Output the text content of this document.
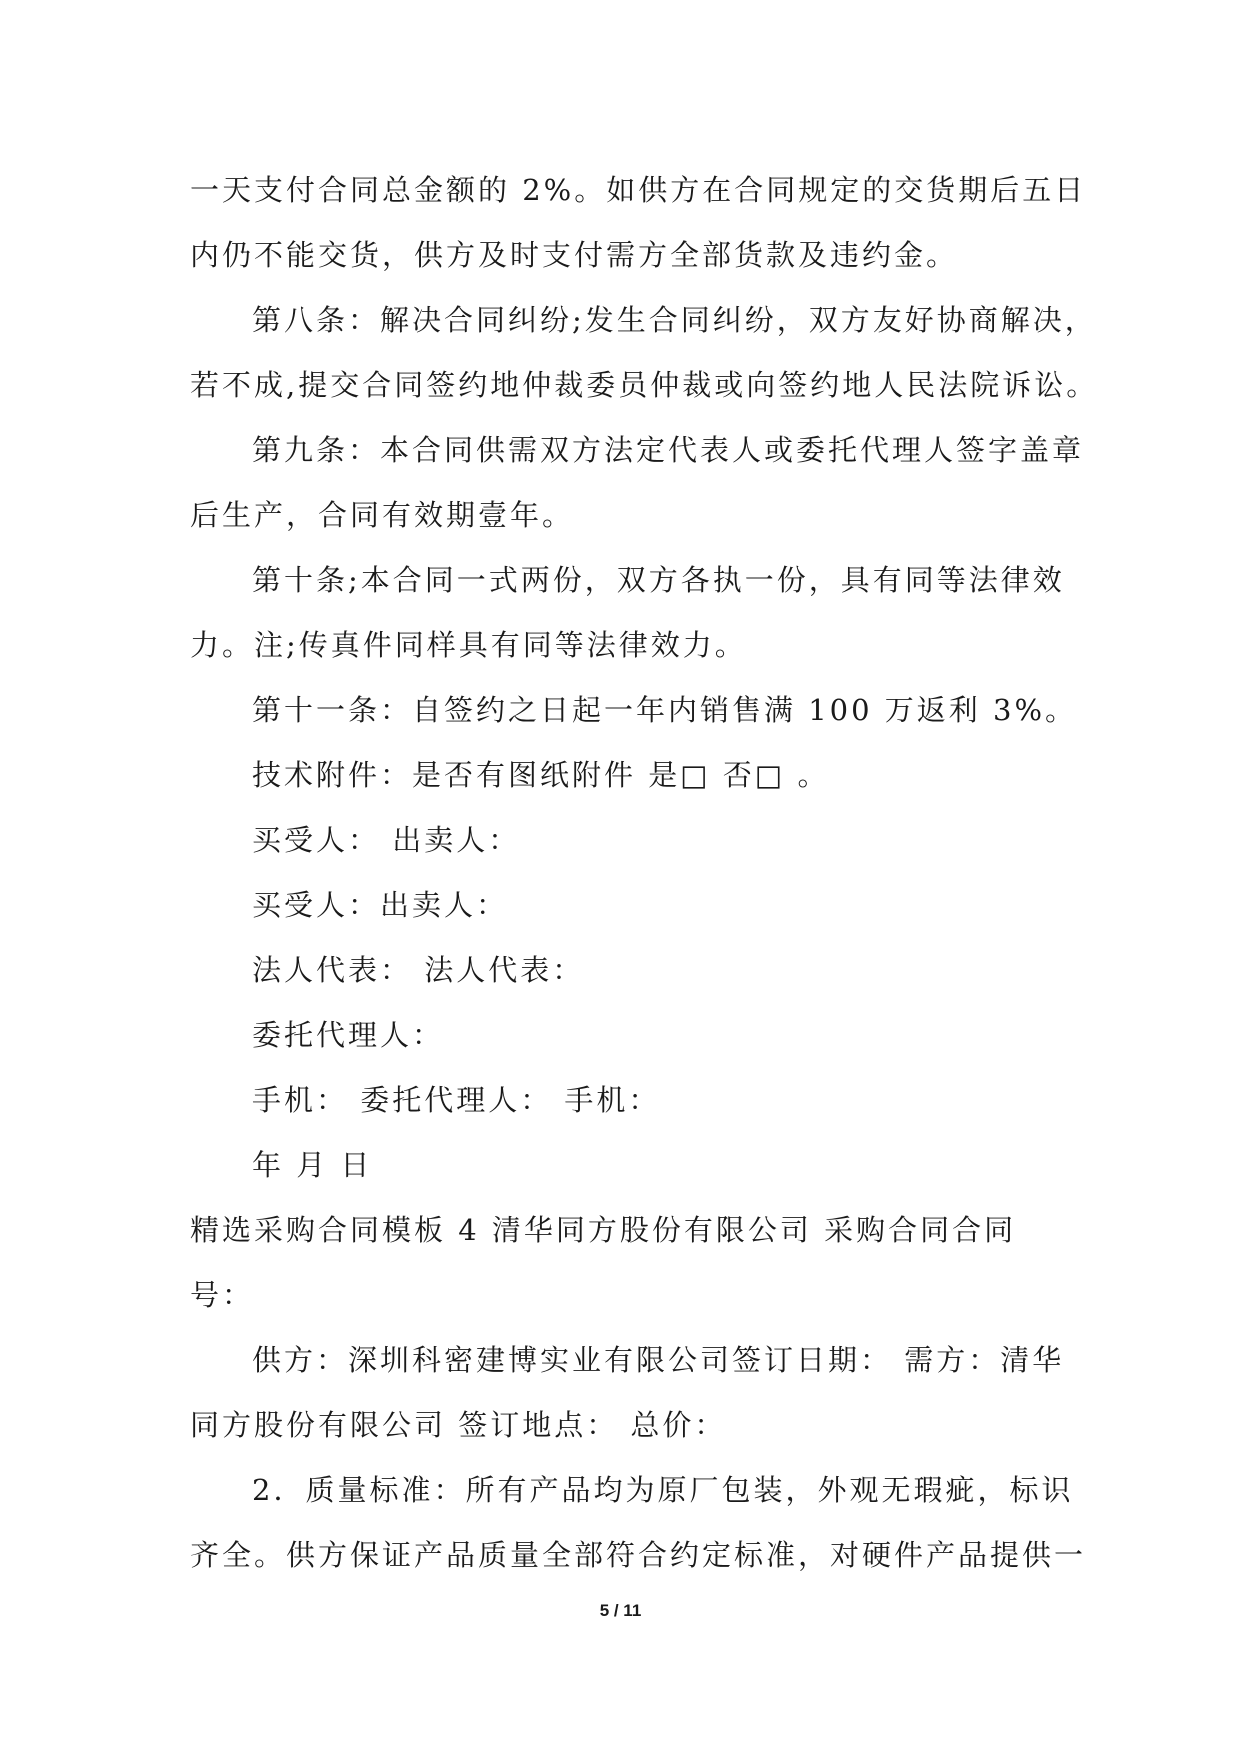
一天支付合同总金额的 2%。如供方在合同规定的交货期后五日
内仍不能交货，供方及时支付需方全部货款及违约金。
第八条：解决合同纠纷;发生合同纠纷，双方友好协商解决，
若不成,提交合同签约地仲裁委员仲裁或向签约地人民法院诉讼。
第九条：本合同供需双方法定代表人或委托代理人签字盖章
后生产，合同有效期壹年。
第十条;本合同一式两份，双方各执一份，具有同等法律效
力。注;传真件同样具有同等法律效力。
第十一条：自签约之日起一年内销售满 100 万返利 3%。
技术附件：是否有图纸附件 是□ 否□ 。
买受人： 出卖人：
买受人：出卖人：
法人代表： 法人代表：
委托代理人：
手机： 委托代理人： 手机：
年 月 日
精选采购合同模板 4 清华同方股份有限公司 采购合同合同
号：
供方：深圳科密建博实业有限公司签订日期： 需方：清华
同方股份有限公司 签订地点： 总价：
2．质量标准：所有产品均为原厂包装，外观无瑕疵，标识
齐全。供方保证产品质量全部符合约定标准，对硬件产品提供一
5 / 11
